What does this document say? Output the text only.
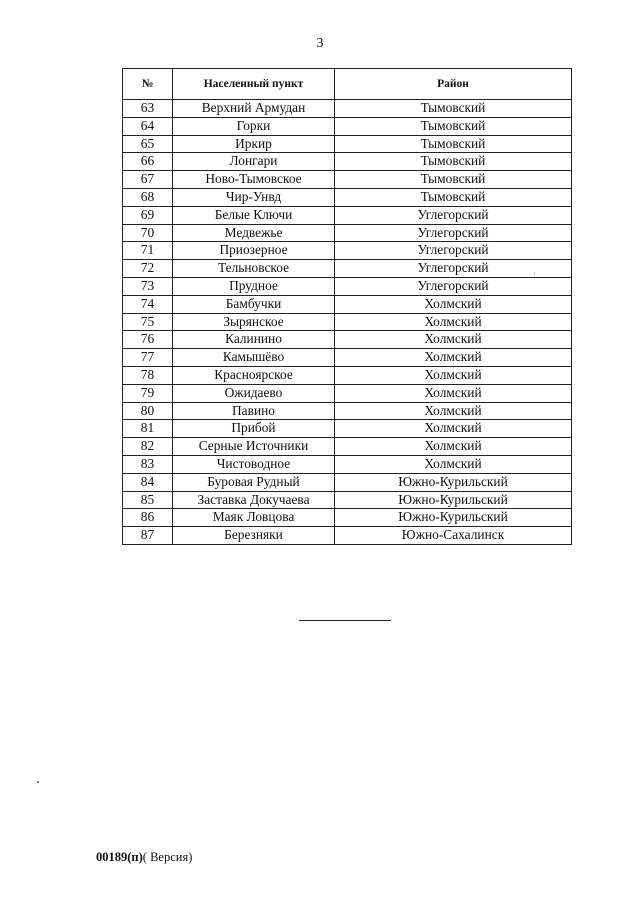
3
№	Населенный пункт	Район
63	Верхний Армудан	Тымовский
64	Горки	Тымовский
65	Иркир	Тымовский
66	Лонгари	Тымовский
67	Ново-Тымовское	Тымовский
68	Чир-Унвд	Тымовский
69	Белые Ключи	Углегорский
70	Медвежье	Углегорский
71	Приозерное	Углегорский
72	Тельновское	Углегорский
73	Прудное	Углегорский
74	Бамбучки	Холмский
75	Зырянское	Холмский
76	Калинино	Холмский
77	Камышёво	Холмский
78	Красноярское	Холмский
79	Ожидаево	Холмский
80	Павино	Холмский
81	Прибой	Холмский
82	Серные Источники	Холмский
83	Чистоводное	Холмский
84	Буровая Рудный	Южно-Курильский
85	Заставка Докучаева	Южно-Курильский
86	Маяк Ловцова	Южно-Курильский
87	Березняки	Южно-Сахалинск
00189(п)( Версия)
